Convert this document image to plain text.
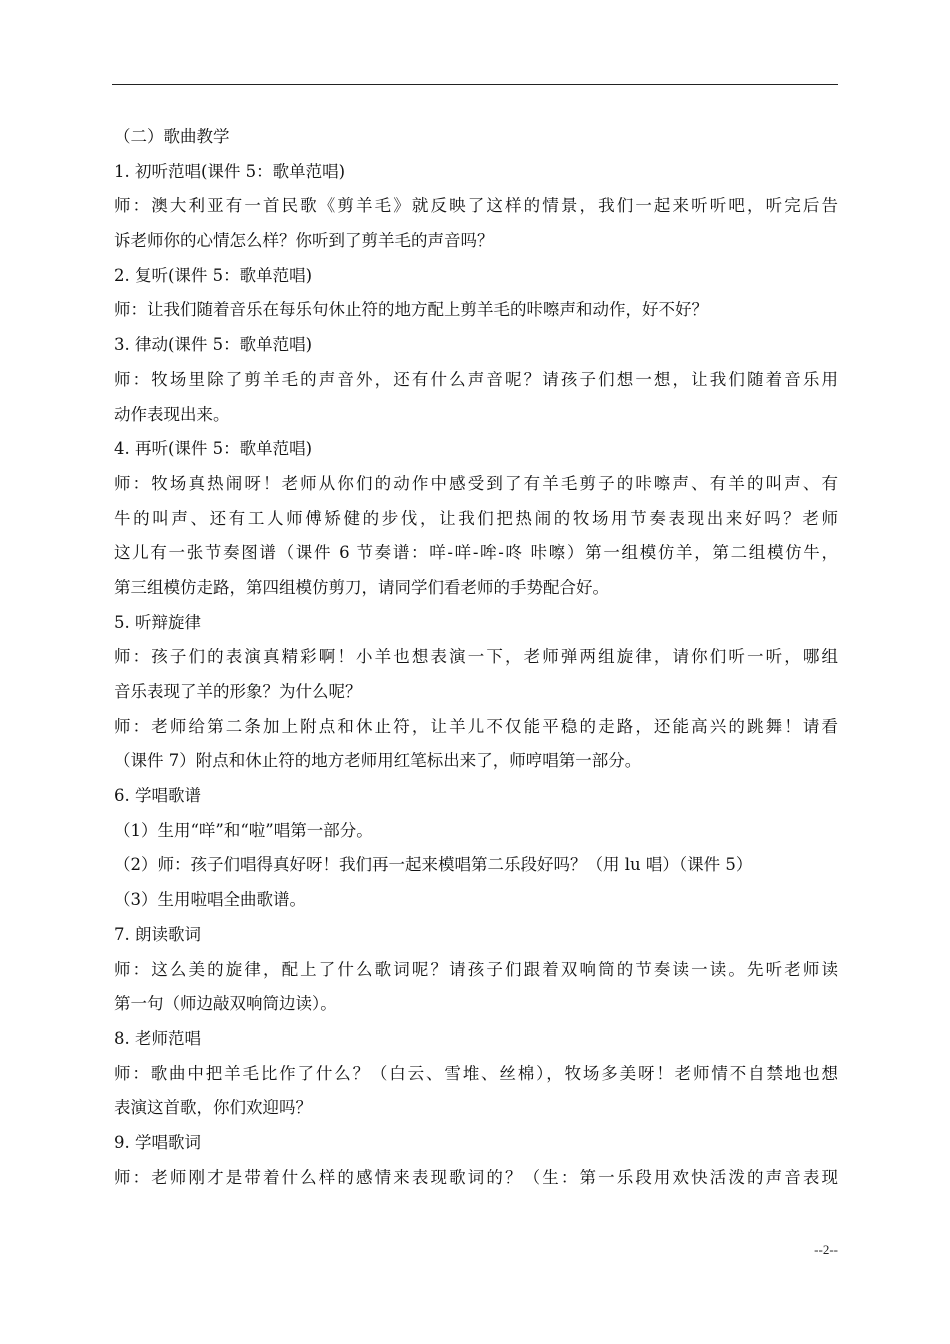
（二）歌曲教学
1. 初听范唱(课件 5：歌单范唱)
师：澳大利亚有一首民歌《剪羊毛》就反映了这样的情景，我们一起来听听吧，听完后告
诉老师你的心情怎么样？你听到了剪羊毛的声音吗？
2. 复听(课件 5：歌单范唱)
师：让我们随着音乐在每乐句休止符的地方配上剪羊毛的咔嚓声和动作，好不好？
3. 律动(课件 5：歌单范唱)
师：牧场里除了剪羊毛的声音外，还有什么声音呢？请孩子们想一想，让我们随着音乐用
动作表现出来。
4. 再听(课件 5：歌单范唱)
师：牧场真热闹呀！老师从你们的动作中感受到了有羊毛剪子的咔嚓声、有羊的叫声、有
牛的叫声、还有工人师傅矫健的步伐，让我们把热闹的牧场用节奏表现出来好吗？老师
这儿有一张节奏图谱（课件 6 节奏谱：咩-咩-哞-咚 咔嚓）第一组模仿羊，第二组模仿牛，
第三组模仿走路，第四组模仿剪刀，请同学们看老师的手势配合好。
5. 听辩旋律
师：孩子们的表演真精彩啊！小羊也想表演一下，老师弹两组旋律，请你们听一听，哪组
音乐表现了羊的形象？为什么呢？
师：老师给第二条加上附点和休止符，让羊儿不仅能平稳的走路，还能高兴的跳舞！请看
（课件 7）附点和休止符的地方老师用红笔标出来了，师哼唱第一部分。
6. 学唱歌谱
（1）生用“咩”和“啦”唱第一部分。
（2）师：孩子们唱得真好呀！我们再一起来模唱第二乐段好吗？（用 lu 唱）（课件 5）
（3）生用啦唱全曲歌谱。
7. 朗读歌词
师：这么美的旋律，配上了什么歌词呢？请孩子们跟着双响筒的节奏读一读。先听老师读
第一句（师边敲双响筒边读）。
8. 老师范唱
师：歌曲中把羊毛比作了什么？（白云、雪堆、丝棉），牧场多美呀！老师情不自禁地也想
表演这首歌，你们欢迎吗？
9. 学唱歌词
师：老师刚才是带着什么样的感情来表现歌词的？（生：第一乐段用欢快活泼的声音表现
--2--
